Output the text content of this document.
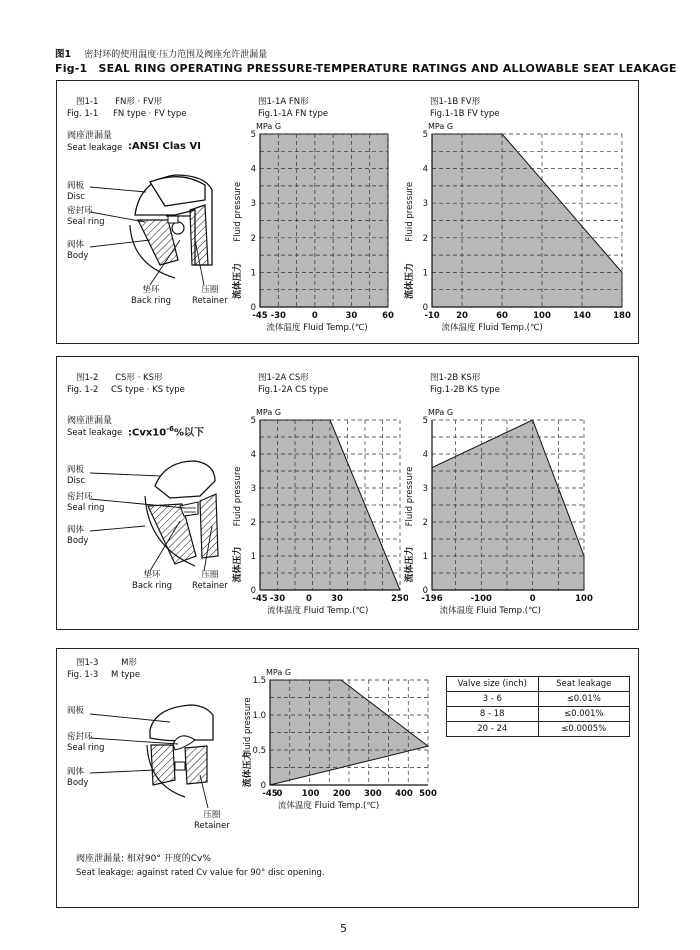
图1 密封环的使用温度·压力范围及阀座允许泄漏量
Fig-1 SEAL RING OPERATING PRESSURE-TEMPERATURE RATINGS AND ALLOWABLE SEAT LEAKAGE
图1-1 FN形 · FV形
Fig. 1-1 FN type · FV type
阀座泄漏量
Seat leakage :ANSI Clas VI
阀板
Disc
密封环
Seal ring
阀体
Body
垫环
Back ring
压圈
Retainer
图1-2 CS形 · KS形
Fig. 1-2 CS type · KS type
阀座泄漏量
Seat leakage $:Cvx10^{-6}\%$以下
阀板
Disc
密封环
Seal ring
阀体
Body
垫环
Back ring
压圈
Retainer
图1-3	M形
Fig. 1-3 M type
阀板
密封环
Seal ring
阀体
Body
压圈
Retainer
Valve size (inch)	Seat leakage
3 - 6	≤0.01%
8 - 18	≤0.001%
20 - 24	≤0.0005%
阀座泄漏量: 相对90° 开度的Cv%
Seat leakage: against rated Cv value for 90° disc opening.
5
图1-1A FN形
Fig.1-1A FN type
MPa G
0
1
2
3
4
5
-45 -30	0	30	60
流体温度 Fluid Temp.(℃)
Fluid pressure
流体压力
图1-1B FV形
Fig.1-1B FV type
MPa G
0
1
2
3
4
5
-10 20	60	100	140	180
流体温度 Fluid Temp.(℃)
Fluid pressure
流体压力
图1-2A CS形
Fig.1-2A CS type
MPa G
0
1
2
3
4
5
-45 -30 0 30	250
流体温度 Fluid Temp.(℃)
Fluid pressure
流体压力
图1-2B KS形
Fig.1-2B KS type
MPa G
0
1
2
3
4
5
-196	-100	0	100
流体温度 Fluid Temp.(℃)
Fluid pressure
流体压力
MPa G
0
0.5
1.0
1.5
-45
0 100 200 300 400 500
流体温度 Fluid Temp.(℃)
Fluid pressure
流体压力
